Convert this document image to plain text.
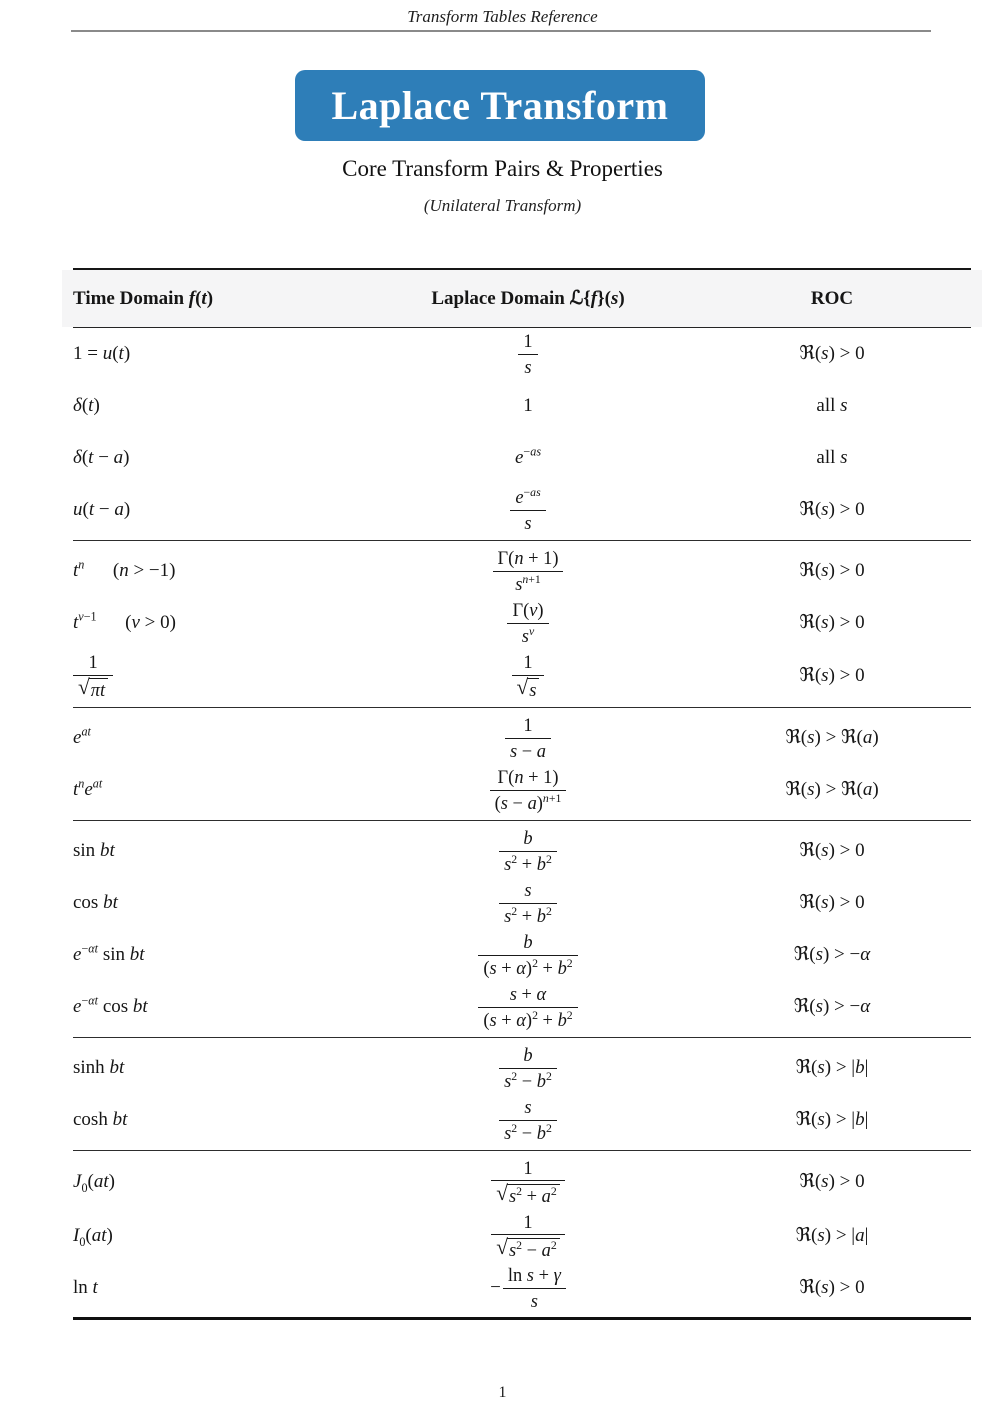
Transform Tables Reference
Laplace Transform
Core Transform Pairs & Properties
(Unilateral Transform)
Time Domain f(t)	Laplace Domain ℒ{f}(s)	ROC
1 = u(t)	$\frac{1}{s}$	ℜ(s) > 0
δ(t)	1	all s
δ(t − a)	$e^{-as}$	all s
u(t − a)	$\frac{e^{-as}}{s}$	ℜ(s) > 0
$t^n$  (n > −1)	$\frac{\Gamma(n + 1)}{s^{n+1}}$	ℜ(s) > 0
$t^{\nu-1}$  (ν > 0)	$\frac{\Gamma(\nu)}{s^\nu}$	ℜ(s) > 0
$\frac{1}{√ \pi t}$	$\frac{1}{√ s}$	ℜ(s) > 0
$e^{at}$	$\frac{1}{s - a}$	ℜ(s) > ℜ(a)
$t^ne^{at}$	$\frac{\Gamma(n + 1)}{(s - a)^{n+1}}$	ℜ(s) > ℜ(a)
sin bt	$\frac{b}{s^2 + b^2}$	ℜ(s) > 0
cos bt	$\frac{s}{s^2 + b^2}$	ℜ(s) > 0
$e^{-\alpha t}$ sin bt	$\frac{b}{(s + \alpha)^2 + b^2}$	ℜ(s) > −α
$e^{-\alpha t}$ cos bt	$\frac{s + \alpha}{(s + \alpha)^2 + b^2}$	ℜ(s) > −α
sinh bt	$\frac{b}{s^2 - b^2}$	ℜ(s) > |b|
cosh bt	$\frac{s}{s^2 - b^2}$	ℜ(s) > |b|
$J_0(at)$	$\frac{1}{√ s^2 + a^2}$	ℜ(s) > 0
$I_0(at)$	$\frac{1}{√ s^2 - a^2}$	ℜ(s) > |a|
ln t	− $\frac{\text{ln s + γ}}{s}$	ℜ(s) > 0
1
